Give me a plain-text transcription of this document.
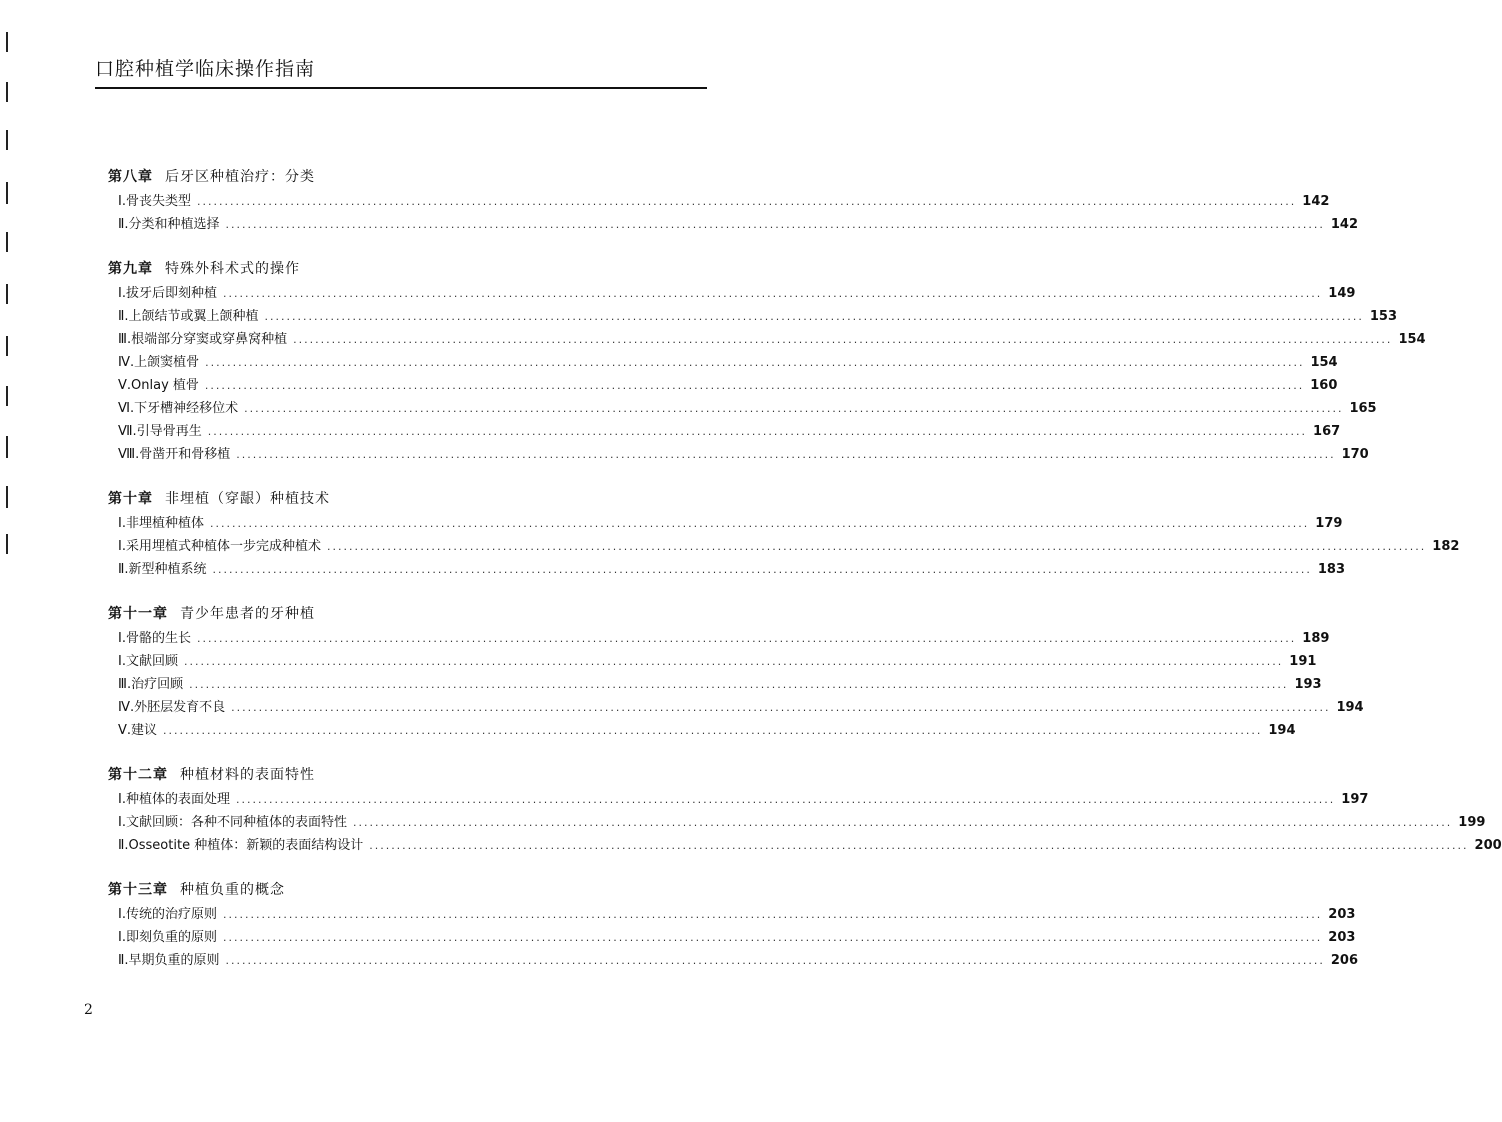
口腔种植学临床操作指南
第八章 后牙区种植治疗：分类
Ⅰ.骨丧失类型 ........................................................................................................................................................................................................ 142
Ⅱ.分类和种植选择 ........................................................................................................................................................................................................ 142
第九章 特殊外科术式的操作
Ⅰ.拔牙后即刻种植 ........................................................................................................................................................................................................ 149
Ⅱ.上颌结节或翼上颌种植 ........................................................................................................................................................................................................ 153
Ⅲ.根端部分穿窦或穿鼻窝种植 ........................................................................................................................................................................................................ 154
Ⅳ.上颌窦植骨 ........................................................................................................................................................................................................ 154
Ⅴ.Onlay 植骨 ........................................................................................................................................................................................................ 160
Ⅵ.下牙槽神经移位术 ........................................................................................................................................................................................................ 165
Ⅶ.引导骨再生 ........................................................................................................................................................................................................ 167
Ⅷ.骨凿开和骨移植 ........................................................................................................................................................................................................ 170
第十章 非埋植（穿龈）种植技术
Ⅰ.非埋植种植体 ........................................................................................................................................................................................................ 179
Ⅰ.采用埋植式种植体一步完成种植术 ........................................................................................................................................................................................................ 182
Ⅱ.新型种植系统 ........................................................................................................................................................................................................ 183
第十一章 青少年患者的牙种植
Ⅰ.骨骼的生长 ........................................................................................................................................................................................................ 189
Ⅰ.文献回顾 ........................................................................................................................................................................................................ 191
Ⅲ.治疗回顾 ........................................................................................................................................................................................................ 193
Ⅳ.外胚层发育不良 ........................................................................................................................................................................................................ 194
Ⅴ.建议 ........................................................................................................................................................................................................ 194
第十二章 种植材料的表面特性
Ⅰ.种植体的表面处理 ........................................................................................................................................................................................................ 197
Ⅰ.文献回顾：各种不同种植体的表面特性 ........................................................................................................................................................................................................ 199
Ⅱ.Osseotite 种植体：新颖的表面结构设计 ........................................................................................................................................................................................................ 200
第十三章 种植负重的概念
Ⅰ.传统的治疗原则 ........................................................................................................................................................................................................ 203
Ⅰ.即刻负重的原则 ........................................................................................................................................................................................................ 203
Ⅱ.早期负重的原则 ........................................................................................................................................................................................................ 206
2
